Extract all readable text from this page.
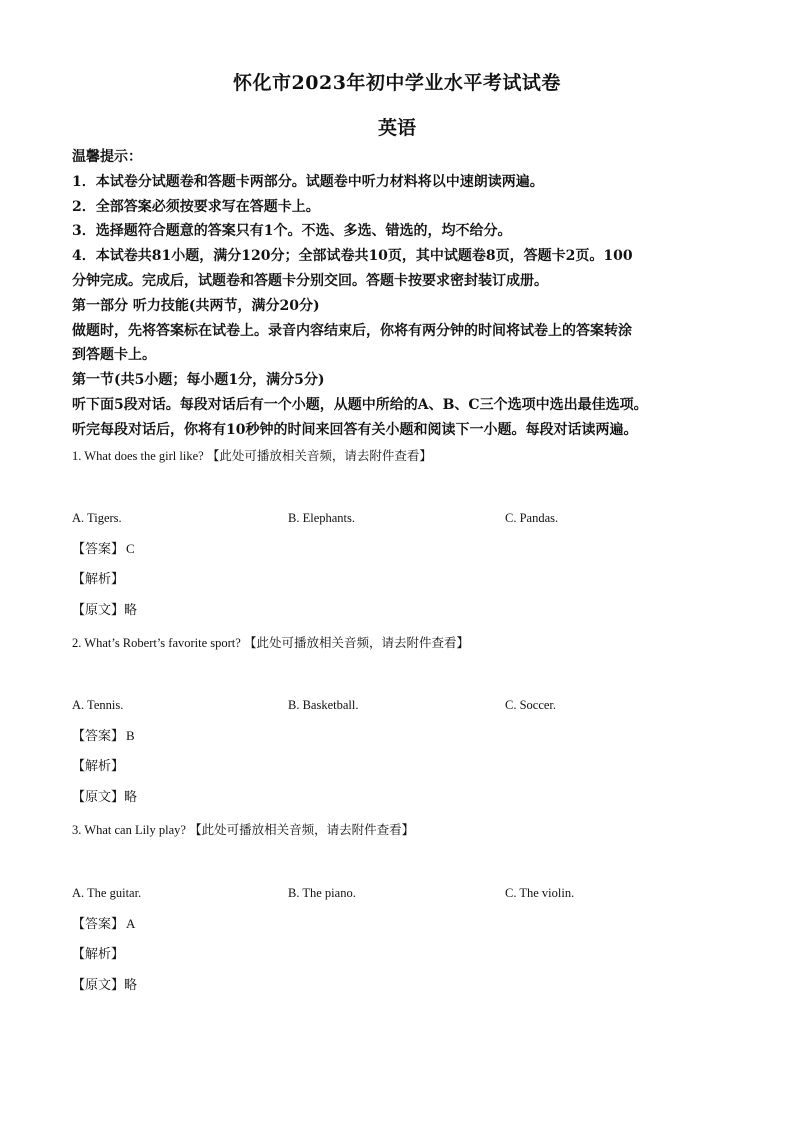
怀化市2023年初中学业水平考试试卷
英语
温馨提示：
1．本试卷分试题卷和答题卡两部分。试题卷中听力材料将以中速朗读两遍。
2．全部答案必须按要求写在答题卡上。
3．选择题符合题意的答案只有1个。不选、多选、错选的，均不给分。
4．本试卷共81小题，满分120分；全部试卷共10页，其中试题卷8页，答题卡2页。100
分钟完成。完成后，试题卷和答题卡分别交回。答题卡按要求密封装订成册。
第一部分 听力技能(共两节，满分20分)
做题时，先将答案标在试卷上。录音内容结束后，你将有两分钟的时间将试卷上的答案转涂
到答题卡上。
第一节(共5小题；每小题1分，满分5分)
听下面5段对话。每段对话后有一个小题，从题中所给的A、B、C三个选项中选出最佳选项。
听完每段对话后，你将有10秒钟的时间来回答有关小题和阅读下一小题。每段对话读两遍。
1. What does the girl like? 【此处可播放相关音频，请去附件查看】
A. Tigers.	B. Elephants.	C. Pandas.
【答案】 C
【解析】
【原文】略
2. What’s Robert’s favorite sport? 【此处可播放相关音频，请去附件查看】
A. Tennis.	B. Basketball.	C. Soccer.
【答案】 B
【解析】
【原文】略
3. What can Lily play? 【此处可播放相关音频，请去附件查看】
A. The guitar.	B. The piano.	C. The violin.
【答案】 A
【解析】
【原文】略
